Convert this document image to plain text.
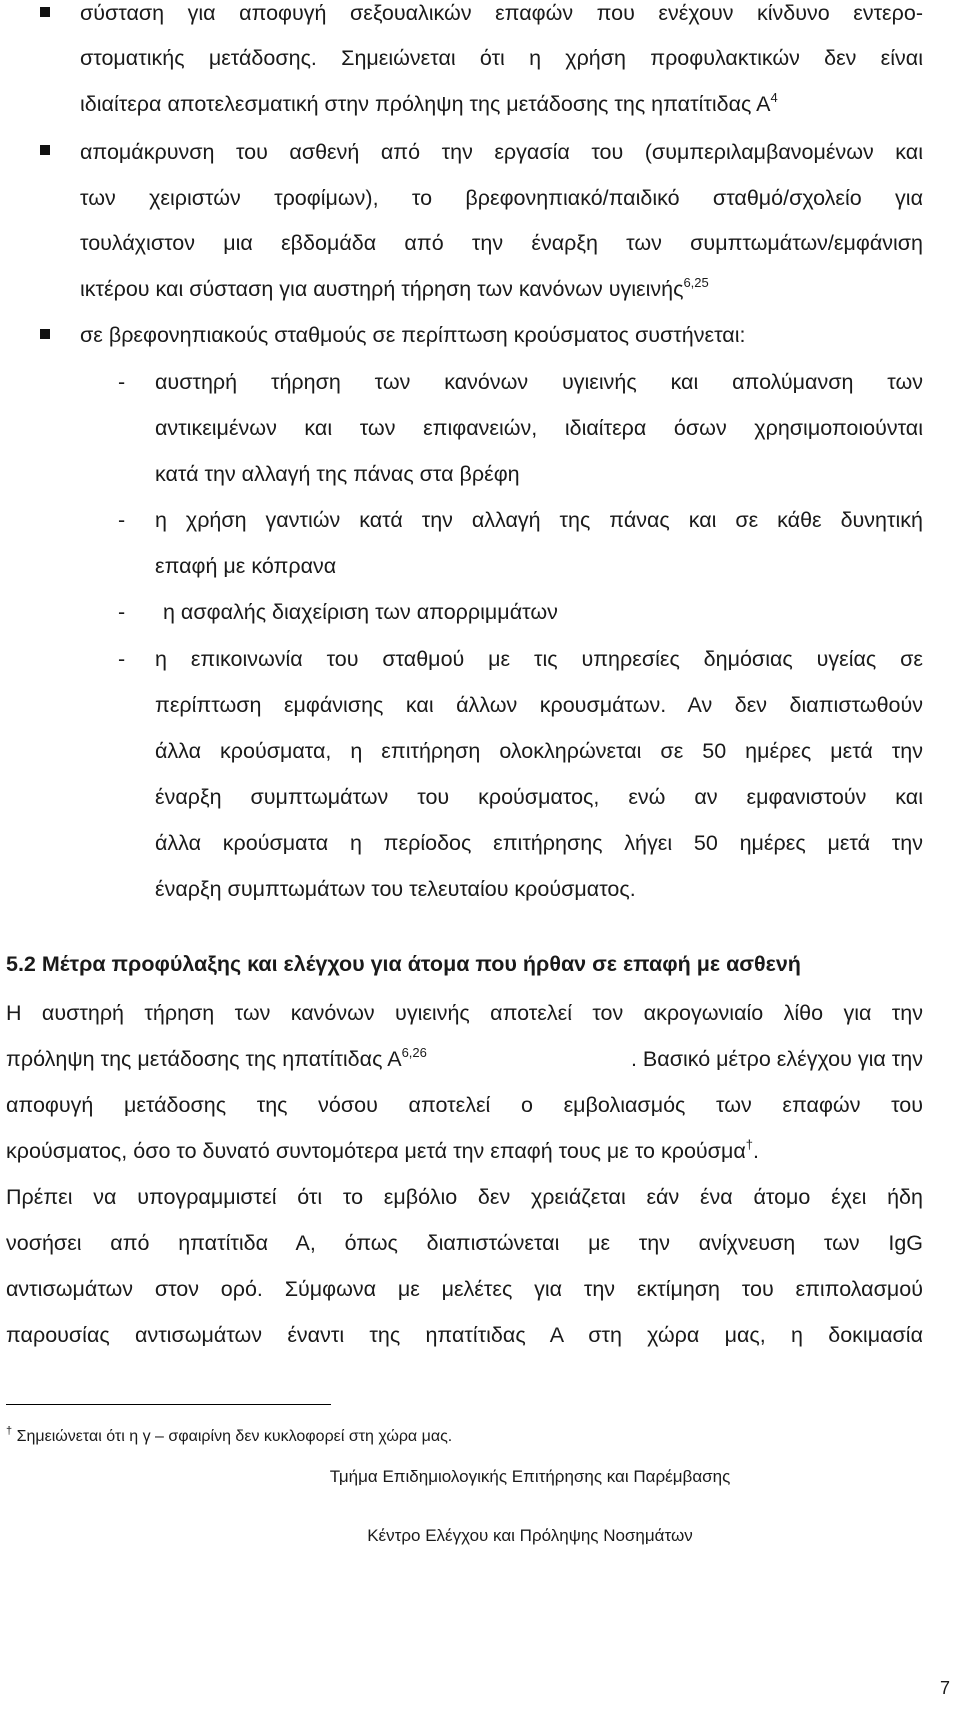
σύσταση για αποφυγή σεξουαλικών επαφών που ενέχουν κίνδυνο εντερο-
στοματικής μετάδοσης. Σημειώνεται ότι η χρήση προφυλακτικών δεν είναι
ιδιαίτερα αποτελεσματική στην πρόληψη της μετάδοσης της ηπατίτιδας $A^4$
απομάκρυνση του ασθενή από την εργασία του (συμπεριλαμβανομένων και
των χειριστών τροφίμων), το βρεφονηπιακό/παιδικό σταθμό/σχολείο για
τουλάχιστον μια εβδομάδα από την έναρξη των συμπτωμάτων/εμφάνιση
ικτέρου και σύσταση για αυστηρή τήρηση των κανόνων υγιεινής$^{6,25}$
σε βρεφονηπιακούς σταθμούς σε περίπτωση κρούσματος συστήνεται:
- αυστηρή τήρηση των κανόνων υγιεινής και απολύμανση των
αντικειμένων και των επιφανειών, ιδιαίτερα όσων χρησιμοποιούνται
κατά την αλλαγή της πάνας στα βρέφη
- η χρήση γαντιών κατά την αλλαγή της πάνας και σε κάθε δυνητική
επαφή με κόπρανα
- η ασφαλής διαχείριση των απορριμμάτων
- η επικοινωνία του σταθμού με τις υπηρεσίες δημόσιας υγείας σε
περίπτωση εμφάνισης και άλλων κρουσμάτων. Αν δεν διαπιστωθούν
άλλα κρούσματα, η επιτήρηση ολοκληρώνεται σε 50 ημέρες μετά την
έναρξη συμπτωμάτων του κρούσματος, ενώ αν εμφανιστούν και
άλλα κρούσματα η περίοδος επιτήρησης λήγει 50 ημέρες μετά την
έναρξη συμπτωμάτων του τελευταίου κρούσματος.
5.2 Μέτρα προφύλαξης και ελέγχου για άτομα που ήρθαν σε επαφή με ασθενή
Η αυστηρή τήρηση των κανόνων υγιεινής αποτελεί τον ακρογωνιαίο λίθο για την
πρόληψη της μετάδοσης της ηπατίτιδας Α$^{6,26}$	. Βασικό μέτρο ελέγχου για την
αποφυγή μετάδοσης της νόσου αποτελεί ο εμβολιασμός των επαφών του
κρούσματος, όσο το δυνατό συντομότερα μετά την επαφή τους με το κρούσμα†.
Πρέπει να υπογραμμιστεί ότι το εμβόλιο δεν χρειάζεται εάν ένα άτομο έχει ήδη
νοσήσει από ηπατίτιδα Α, όπως διαπιστώνεται με την ανίχνευση των IgG
αντισωμάτων στον ορό. Σύμφωνα με μελέτες για την εκτίμηση του επιπολασμού
παρουσίας αντισωμάτων έναντι της ηπατίτιδας Α στη χώρα μας, η δοκιμασία
† Σημειώνεται ότι η γ – σφαιρίνη δεν κυκλοφορεί στη χώρα μας.
Τμήμα Επιδημιολογικής Επιτήρησης και Παρέμβασης
Κέντρο Ελέγχου και Πρόληψης Νοσημάτων
7
